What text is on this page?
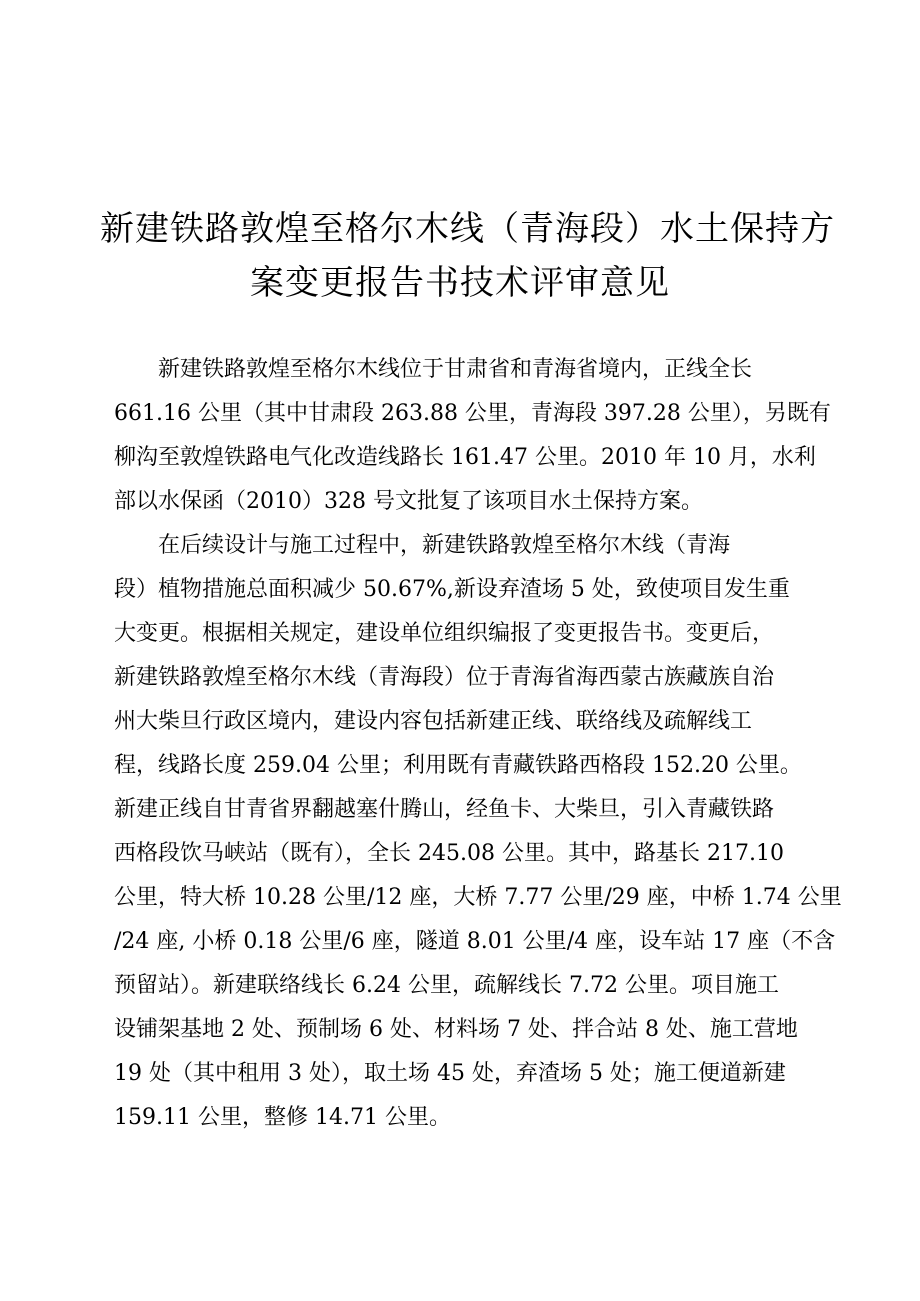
新建铁路敦煌至格尔木线（青海段）水土保持方
案变更报告书技术评审意见

新建铁路敦煌至格尔木线位于甘肃省和青海省境内，正线全长
661.16 公里（其中甘肃段 263.88 公里，青海段 397.28 公里），另既有
柳沟至敦煌铁路电气化改造线路长 161.47 公里。2010 年 10 月，水利
部以水保函（2010）328 号文批复了该项目水土保持方案。

在后续设计与施工过程中，新建铁路敦煌至格尔木线（青海
段）植物措施总面积减少 50.67%,新设弃渣场 5 处，致使项目发生重
大变更。根据相关规定，建设单位组织编报了变更报告书。变更后，
新建铁路敦煌至格尔木线（青海段）位于青海省海西蒙古族藏族自治
州大柴旦行政区境内，建设内容包括新建正线、联络线及疏解线工
程，线路长度 259.04 公里；利用既有青藏铁路西格段 152.20 公里。
新建正线自甘青省界翻越塞什腾山，经鱼卡、大柴旦，引入青藏铁路
西格段饮马峡站（既有），全长 245.08 公里。其中，路基长 217.10
公里，特大桥 10.28 公里/12 座，大桥 7.77 公里/29 座，中桥 1.74 公里
/24 座, 小桥 0.18 公里/6 座，隧道 8.01 公里/4 座，设车站 17 座（不含
预留站）。新建联络线长 6.24 公里，疏解线长 7.72 公里。项目施工
设铺架基地 2 处、预制场 6 处、材料场 7 处、拌合站 8 处、施工营地
19 处（其中租用 3 处），取土场 45 处，弃渣场 5 处；施工便道新建
159.11 公里，整修 14.71 公里。
